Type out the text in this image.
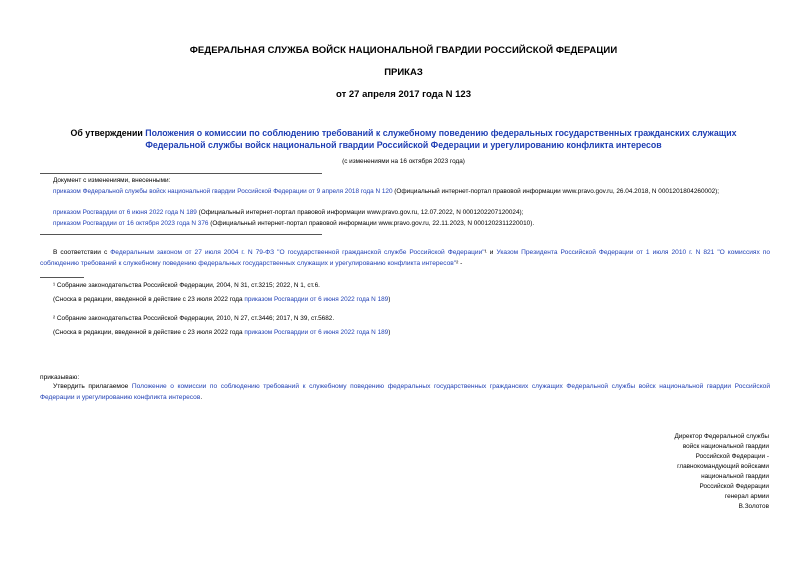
ФЕДЕРАЛЬНАЯ СЛУЖБА ВОЙСК НАЦИОНАЛЬНОЙ ГВАРДИИ РОССИЙСКОЙ ФЕДЕРАЦИИ
ПРИКАЗ
от 27 апреля 2017 года N 123
Об утверждении Положения о комиссии по соблюдению требований к служебному поведению федеральных государственных гражданских служащих
Федеральной службы войск национальной гвардии Российской Федерации и урегулированию конфликта интересов
(с изменениями на 16 октября 2023 года)
Документ с изменениями, внесенными:
приказом Федеральной службы войск национальной гвардии Российской Федерации от 9 апреля 2018 года N 120 (Официальный интернет-портал правовой информации www.pravo.gov.ru, 26.04.2018, N 0001201804260002);
приказом Росгвардии от 6 июня 2022 года N 189 (Официальный интернет-портал правовой информации www.pravo.gov.ru, 12.07.2022, N 0001202207120024);
приказом Росгвардии от 16 октября 2023 года N 376 (Официальный интернет-портал правовой информации www.pravo.gov.ru, 22.11.2023, N 0001202311220010).
В соответствии с Федеральным законом от 27 июля 2004 г. N 79-ФЗ "О государственной гражданской службе Российской Федерации"¹ и Указом Президента Российской Федерации от 1 июля 2010 г. N 821 "О комиссиях по соблюдению требований к служебному поведению федеральных государственных служащих и урегулированию конфликта интересов"² -
¹ Собрание законодательства Российской Федерации, 2004, N 31, ст.3215; 2022, N 1, ст.6.
(Сноска в редакции, введенной в действие с 23 июля 2022 года приказом Росгвардии от 6 июня 2022 года N 189)
² Собрание законодательства Российской Федерации, 2010, N 27, ст.3446; 2017, N 39, ст.5682.
(Сноска в редакции, введенной в действие с 23 июля 2022 года приказом Росгвардии от 6 июня 2022 года N 189)
приказываю:
Утвердить прилагаемое Положение о комиссии по соблюдению требований к служебному поведению федеральных государственных гражданских служащих Федеральной службы войск национальной гвардии Российской Федерации и урегулированию конфликта интересов.
Директор Федеральной службы
войск национальной гвардии
Российской Федерации -
главнокомандующий войсками
национальной гвардии
Российской Федерации
генерал армии
В.Золотов
